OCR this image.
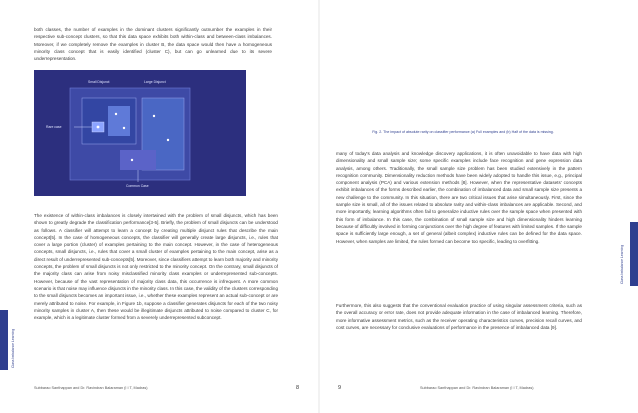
both classes, the number of examples in the dominant clusters significantly outnumber the examples in their respective sub-concept clusters, so that this data space exhibits both within-class and between-class imbalances. Moreover, if we completely remove the examples in cluster B, the data space would then have a homogeneous minority class concept that is easily identified (cluster C), but can go unlearned due to its severe underrepresentation.

Small Disjunct	Large Disjunct
Rare case
Common Case

The existence of within-class imbalances is closely intertwined with the problem of small disjuncts, which has been shown to greatly degrade the classification performance[3-5]. Briefly, the problem of small disjuncts can be understood as follows. A classifier will attempt to learn a concept by creating multiple disjunct rules that describe the main concept[5]. In the case of homogeneous concepts, the classifier will generally create large disjuncts, i.e., rules that cover a large portion (cluster) of examples pertaining to the main concept. However, in the case of heterogeneous concepts, small disjuncts, i.e., rules that cover a small cluster of examples pertaining to the main concept, arise as a direct result of underrepresented sub-concepts[5]. Moreover, since classifiers attempt to learn both majority and minority concepts, the problem of small disjuncts is not only restricted to the minority concept. On the contrary, small disjuncts of the majority class can arise from noisy misclassified minority class examples or underrepresented sub-concepts. However, because of the vast representation of majority class data, this occurrence is infrequent. A more common scenario is that noise may influence disjuncts in the minority class. In this case, the validity of the clusters corresponding to the small disjuncts becomes an important issue, i.e., whether these examples represent an actual sub-concept or are merely attributed to noise. For example, in Figure 1b, suppose a classifier generates disjuncts for each of the two noisy minority samples in cluster A, then these would be illegitimate disjuncts attributed to noise compared to cluster C, for example, which is a legitimate cluster formed from a severely underrepresented subconcept.

Class Imbalance Learning
Subbarao Santhappan and Dr. Ravindran Balaraman (I I T, Madras)	8

Fig. 2. The impact of absolute rarity on classifier performance (a) Full examples and (b) Half of the data is missing.

many of today's data analysis and knowledge discovery applications, it is often unavoidable to have data with high dimensionality and small sample size; some specific examples include face recognition and gene expression data analysis, among others. Traditionally, the small sample size problem has been studied extensively in the pattern recognition community. Dimensionality reduction methods have been widely adopted to handle this issue, e.g., principal component analysis (PCA) and various extension methods [8]. However, when the representative datasets' concepts exhibit imbalances of the forms described earlier, the combination of imbalanced data and small sample size presents a new challenge to the community. In this situation, there are two critical issues that arise simultaneously. First, since the sample size is small, all of the issues related to absolute rarity and within-class imbalances are applicable. Second, and more importantly, learning algorithms often fail to generalize inductive rules over the sample space when presented with this form of imbalance. In this case, the combination of small sample size and high dimensionality hinders learning because of difficultly involved in forming conjunctions over the high degree of features with limited samples. If the sample space is sufficiently large enough, a set of general (albeit complex) inductive rules can be defined for the data space. However, when samples are limited, the rules formed can become too specific, leading to overfitting.

Furthermore, this also suggests that the conventional evaluation practice of using singular assessment criteria, such as the overall accuracy or error rate, does not provide adequate information in the case of imbalanced learning. Therefore, more informative assessment metrics, such as the receiver operating characteristics curves, precision recall curves, and cost curves, are necessary for conclusive evaluations of performance in the presence of imbalanced data [9].

Class Imbalance Learning
9	Subbarao Santhappan and Dr. Ravindran Balaraman (I I T, Madras)
